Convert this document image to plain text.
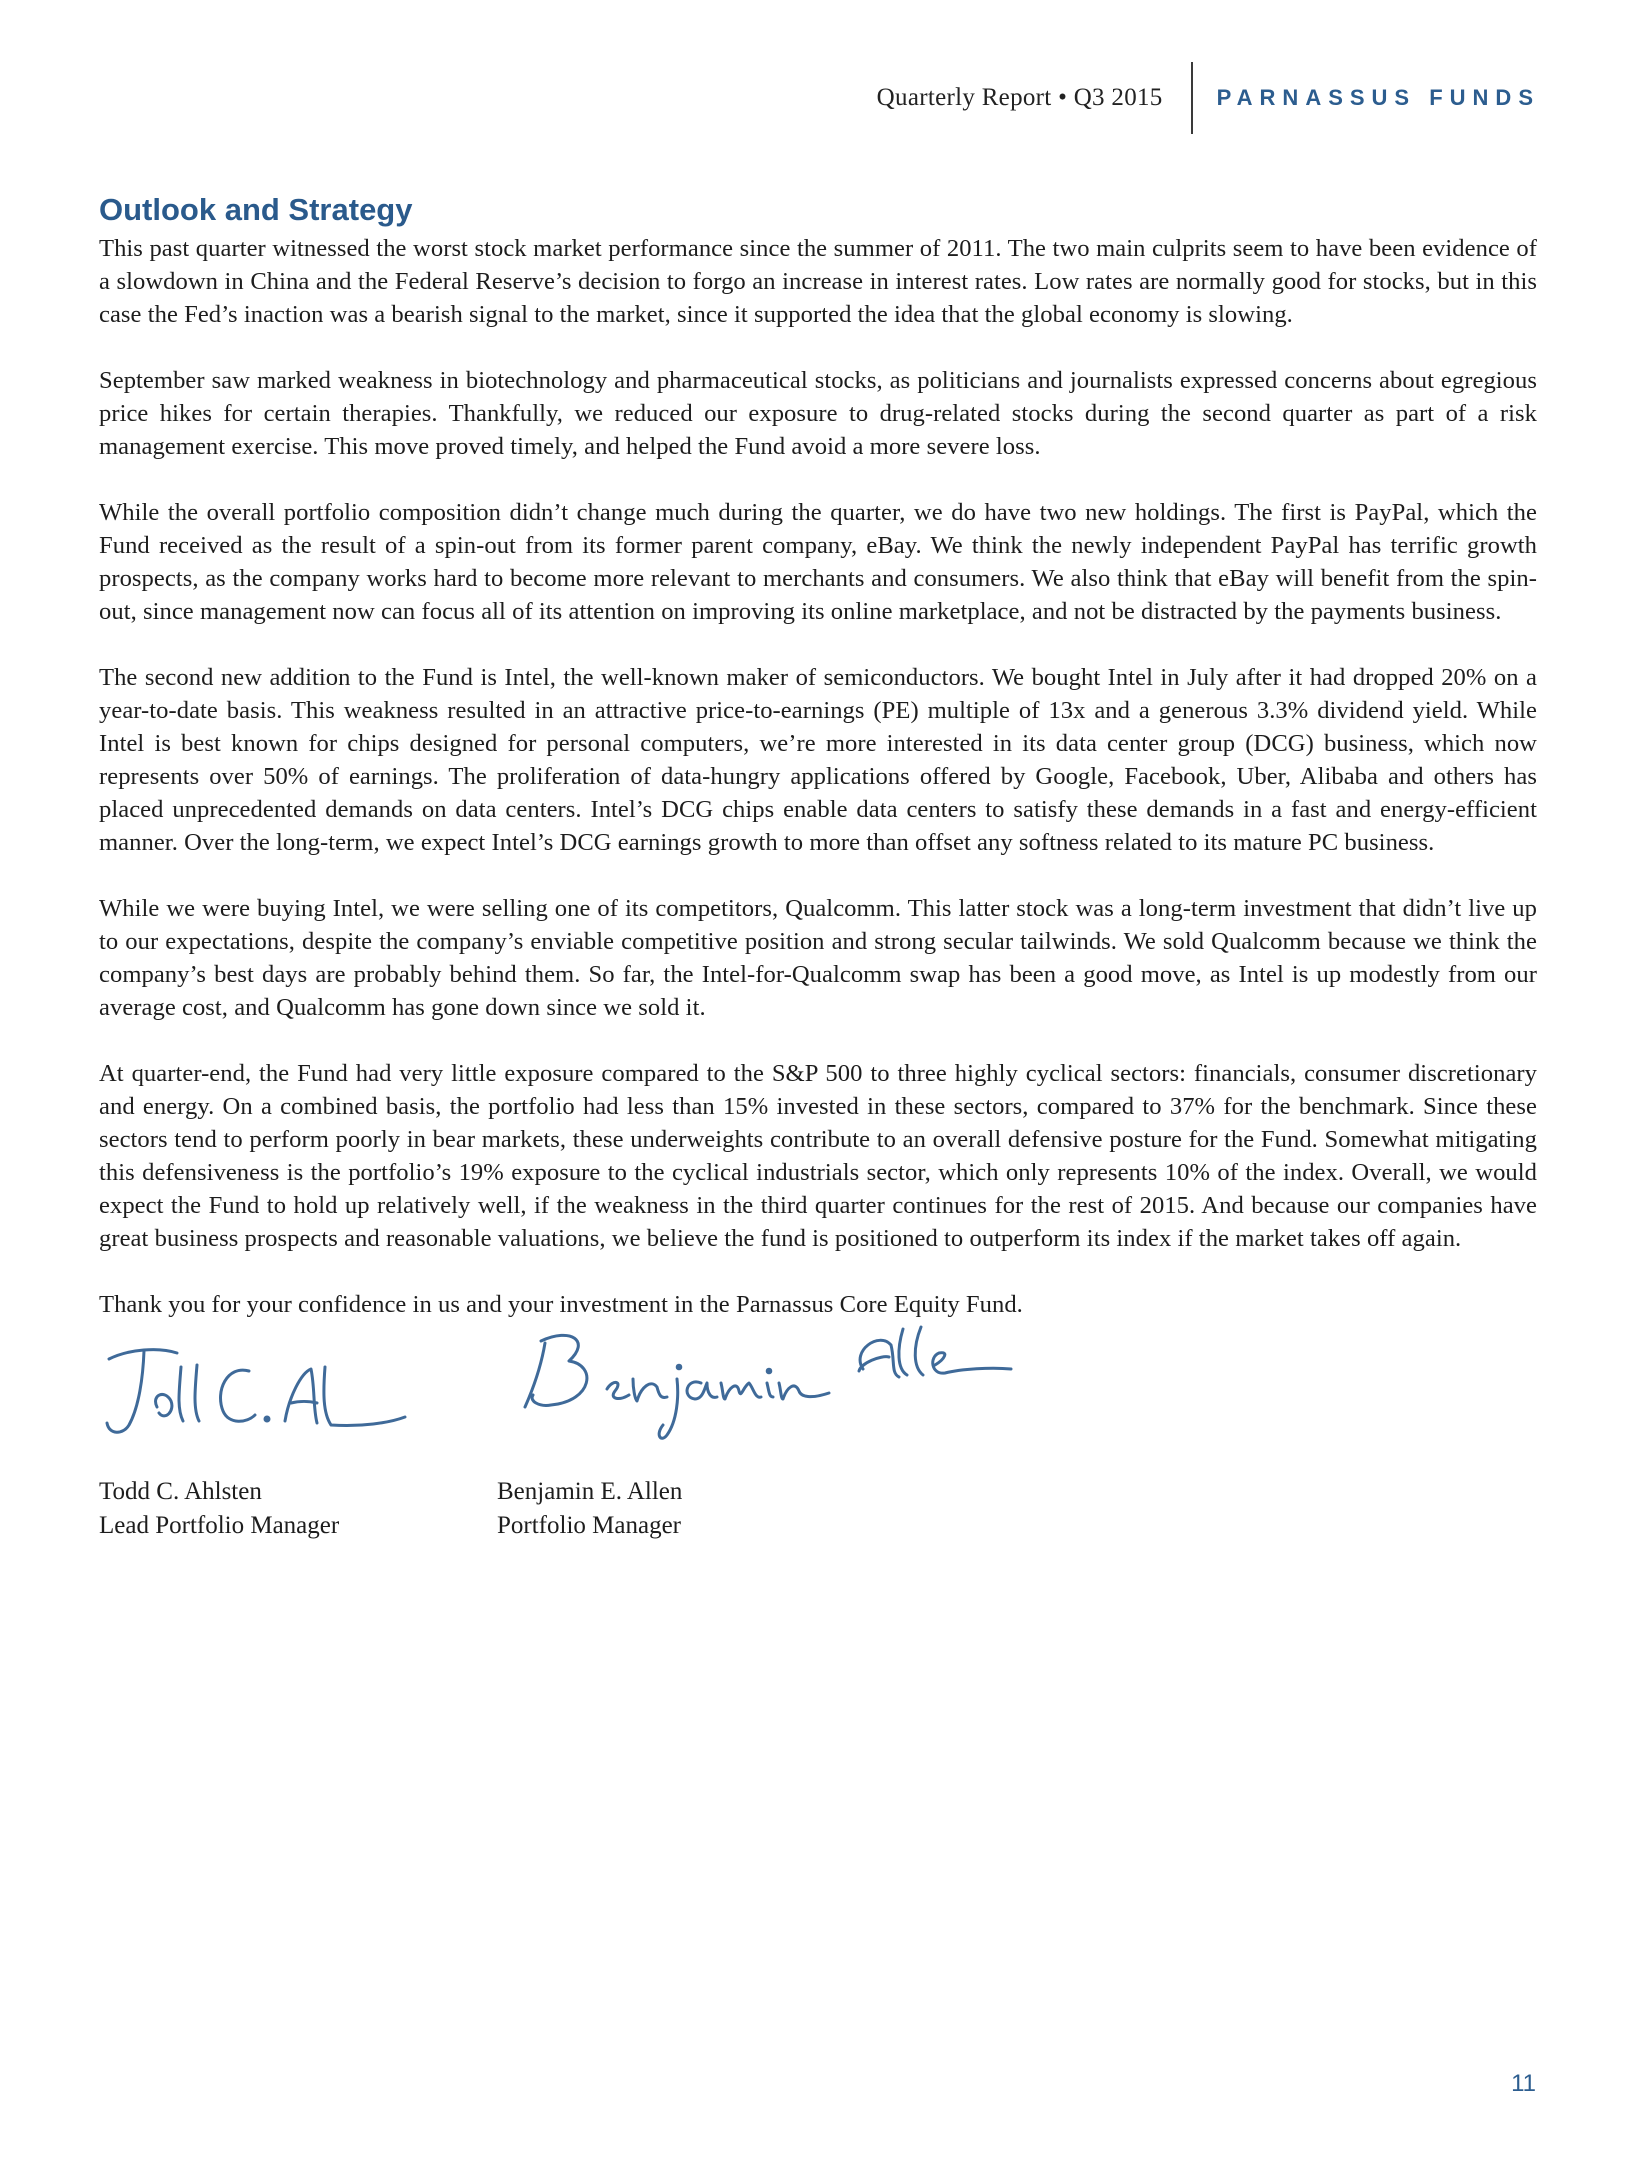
Quarterly Report • Q3 2015 PARNASSUS FUNDS
Outlook and Strategy

This past quarter witnessed the worst stock market performance since the summer of 2011. The two main culprits seem to have been evidence of a slowdown in China and the Federal Reserve’s decision to forgo an increase in interest rates. Low rates are normally good for stocks, but in this case the Fed’s inaction was a bearish signal to the market, since it supported the idea that the global economy is slowing.

September saw marked weakness in biotechnology and pharmaceutical stocks, as politicians and journalists expressed concerns about egregious price hikes for certain therapies. Thankfully, we reduced our exposure to drug-related stocks during the second quarter as part of a risk management exercise. This move proved timely, and helped the Fund avoid a more severe loss.

While the overall portfolio composition didn’t change much during the quarter, we do have two new holdings. The first is PayPal, which the Fund received as the result of a spin-out from its former parent company, eBay. We think the newly independent PayPal has terrific growth prospects, as the company works hard to become more relevant to merchants and consumers. We also think that eBay will benefit from the spin-out, since management now can focus all of its attention on improving its online marketplace, and not be distracted by the payments business.

The second new addition to the Fund is Intel, the well-known maker of semiconductors. We bought Intel in July after it had dropped 20% on a year-to-date basis. This weakness resulted in an attractive price-to-earnings (PE) multiple of 13x and a generous 3.3% dividend yield. While Intel is best known for chips designed for personal computers, we’re more interested in its data center group (DCG) business, which now represents over 50% of earnings. The proliferation of data-hungry applications offered by Google, Facebook, Uber, Alibaba and others has placed unprecedented demands on data centers. Intel’s DCG chips enable data centers to satisfy these demands in a fast and energy-efficient manner. Over the long-term, we expect Intel’s DCG earnings growth to more than offset any softness related to its mature PC business.

While we were buying Intel, we were selling one of its competitors, Qualcomm. This latter stock was a long-term investment that didn’t live up to our expectations, despite the company’s enviable competitive position and strong secular tailwinds. We sold Qualcomm because we think the company’s best days are probably behind them. So far, the Intel-for-Qualcomm swap has been a good move, as Intel is up modestly from our average cost, and Qualcomm has gone down since we sold it.

At quarter-end, the Fund had very little exposure compared to the S&P 500 to three highly cyclical sectors: financials, consumer discretionary and energy. On a combined basis, the portfolio had less than 15% invested in these sectors, compared to 37% for the benchmark. Since these sectors tend to perform poorly in bear markets, these underweights contribute to an overall defensive posture for the Fund. Somewhat mitigating this defensiveness is the portfolio’s 19% exposure to the cyclical industrials sector, which only represents 10% of the index. Overall, we would expect the Fund to hold up relatively well, if the weakness in the third quarter continues for the rest of 2015. And because our companies have great business prospects and reasonable valuations, we believe the fund is positioned to outperform its index if the market takes off again.

Thank you for your confidence in us and your investment in the Parnassus Core Equity Fund.

Todd C. Ahlsten
Lead Portfolio Manager
Benjamin E. Allen
Portfolio Manager
11
